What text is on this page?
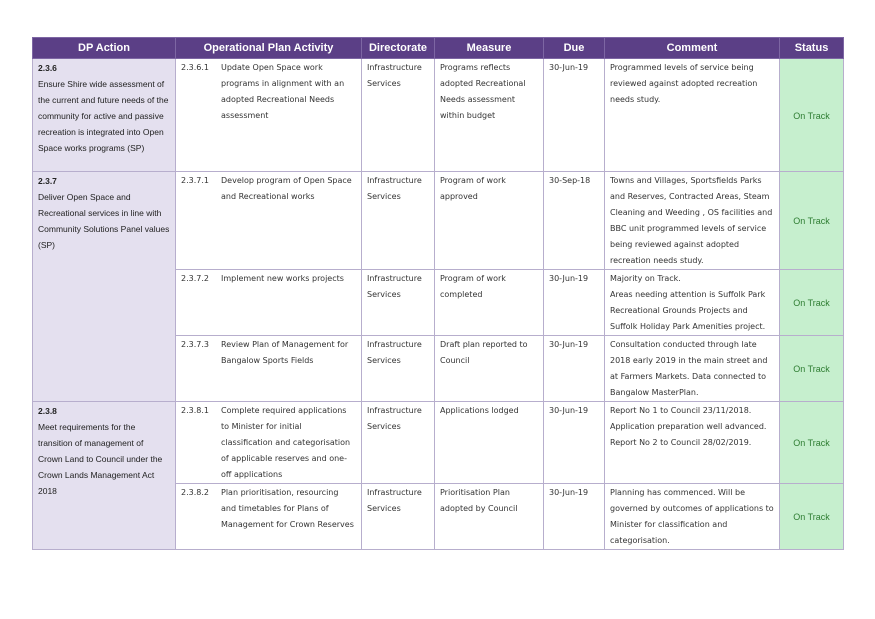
DP Action	Operational Plan Activity	Directorate	Measure	Due	Comment	Status

2.3.6
Ensure Shire wide assessment of the current and future needs of the community for active and passive recreation is integrated into Open Space works programs (SP)	2.3.6.1 Update Open Space work programs in alignment with an adopted Recreational Needs assessment	Infrastructure Services	Programs reflects adopted Recreational Needs assessment within budget	30-Jun-19	Programmed levels of service being reviewed against adopted recreation needs study.	On Track

2.3.7
Deliver Open Space and Recreational services in line with Community Solutions Panel values (SP)	2.3.7.1 Develop program of Open Space and Recreational works	Infrastructure Services	Program of work approved	30-Sep-18	Towns and Villages, Sportsfields Parks and Reserves, Contracted Areas, Steam Cleaning and Weeding , OS facilities and BBC unit programmed levels of service being reviewed against adopted recreation needs study.	On Track
	2.3.7.2 Implement new works projects	Infrastructure Services	Program of work completed	30-Jun-19	Majority on Track.
Areas needing attention is Suffolk Park Recreational Grounds Projects and Suffolk Holiday Park Amenities project.	On Track
	2.3.7.3 Review Plan of Management for Bangalow Sports Fields	Infrastructure Services	Draft plan reported to Council	30-Jun-19	Consultation conducted through late 2018 early 2019 in the main street and at Farmers Markets. Data connected to Bangalow MasterPlan.	On Track

2.3.8
Meet requirements for the transition of management of Crown Land to Council under the Crown Lands Management Act 2018	2.3.8.1 Complete required applications to Minister for initial classification and categorisation of applicable reserves and one-off applications	Infrastructure Services	Applications lodged	30-Jun-19	Report No 1 to Council 23/11/2018.
Application preparation well advanced.
Report No 2 to Council 28/02/2019.	On Track
	2.3.8.2 Plan prioritisation, resourcing and timetables for Plans of Management for Crown Reserves	Infrastructure Services	Prioritisation Plan adopted by Council	30-Jun-19	Planning has commenced. Will be governed by outcomes of applications to Minister for classification and categorisation.	On Track
